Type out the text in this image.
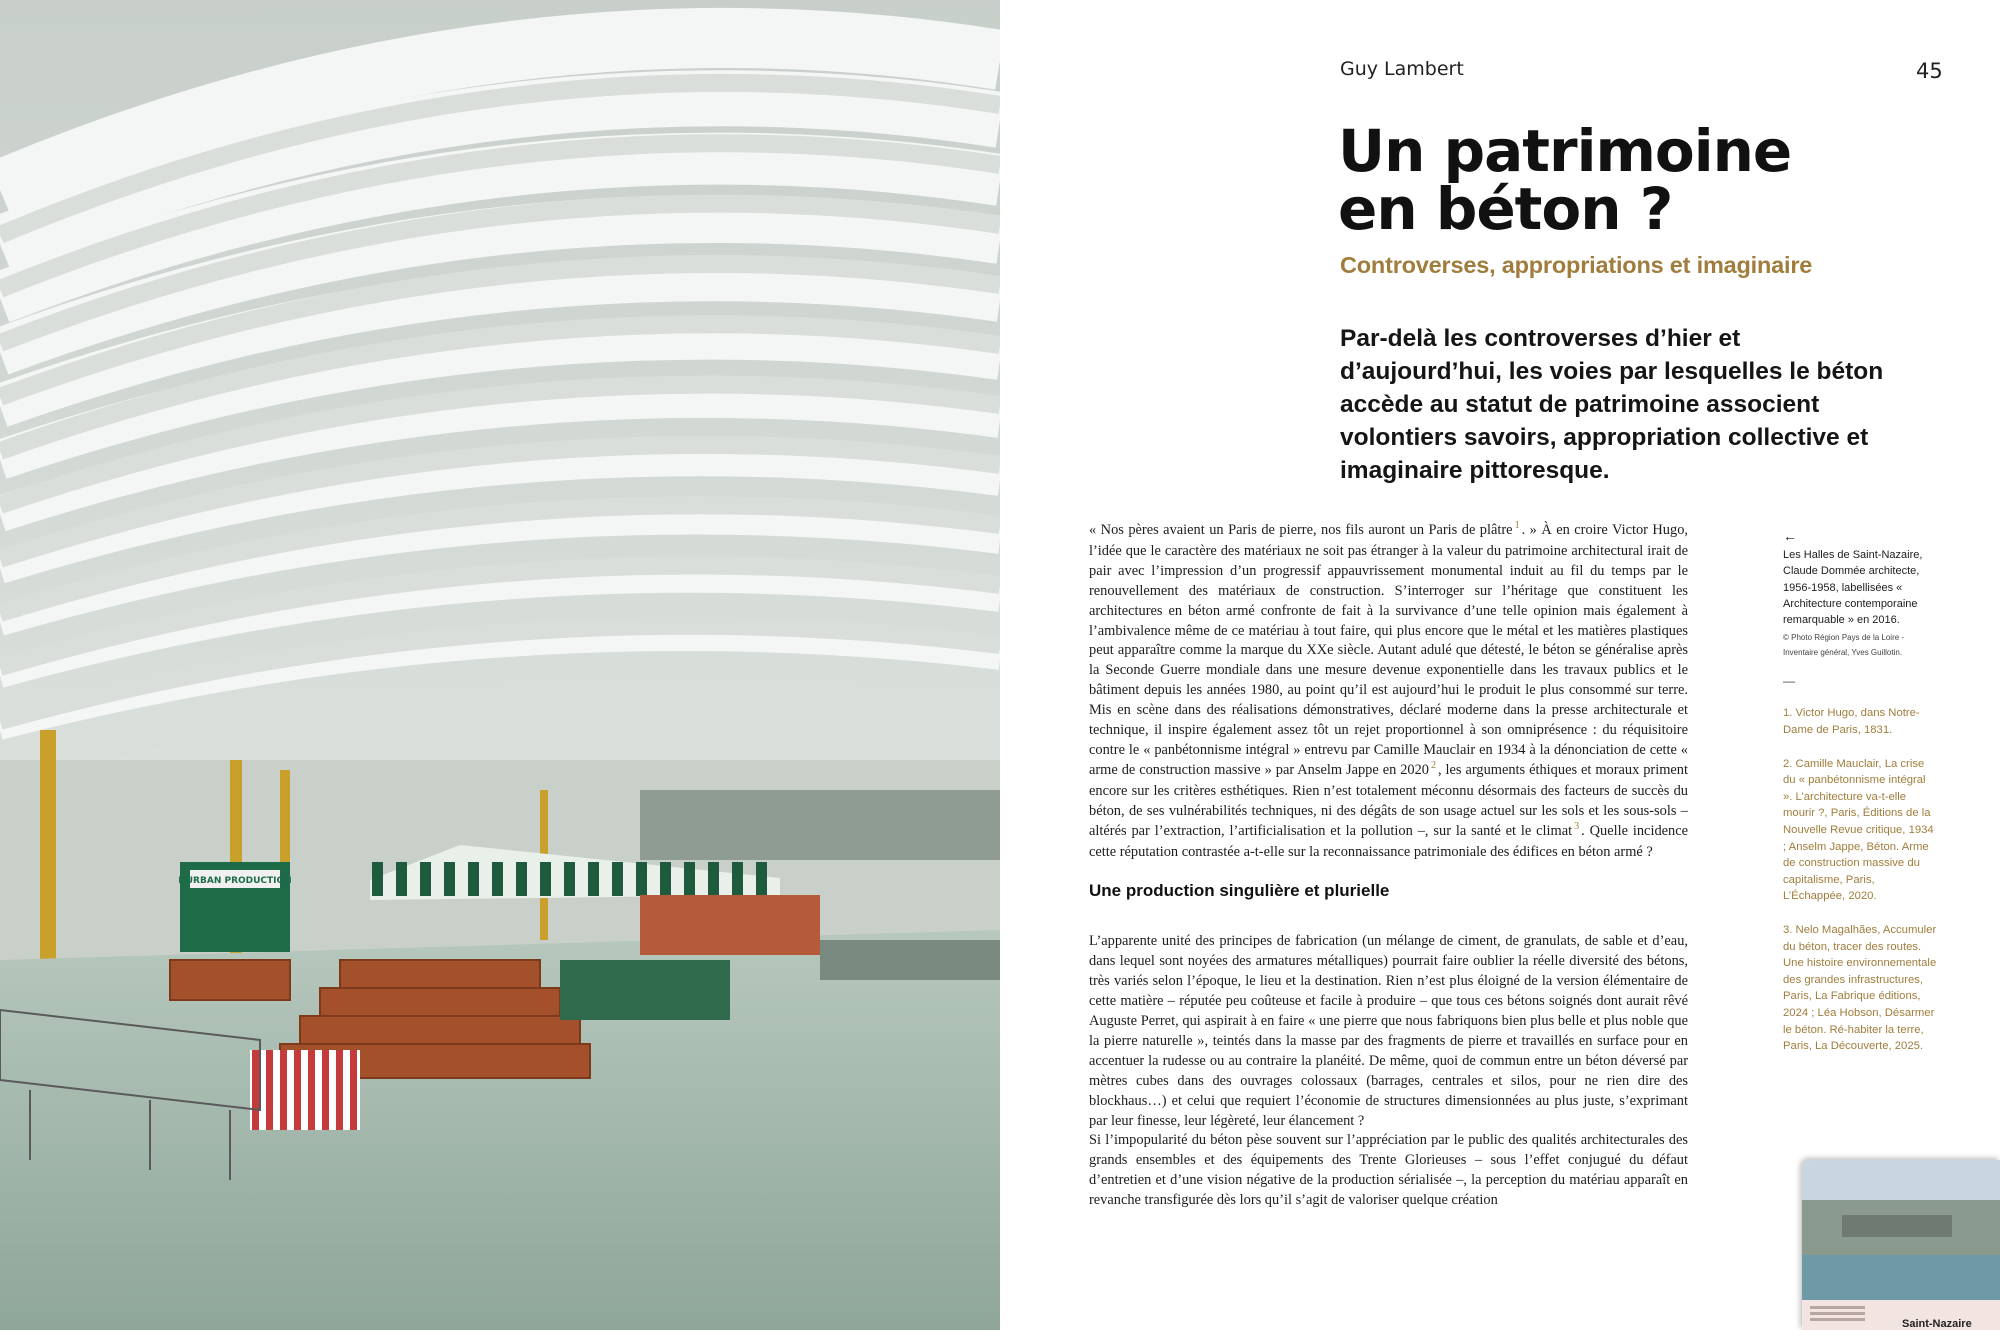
DURBAN PRODUCTION
Guy Lambert	45
Un patrimoine
en béton ?
Controverses, appropriations et imaginaire
Par-delà les controverses d’hier et d’aujourd’hui, les voies par lesquelles le béton accède au statut de patrimoine associent volontiers savoirs, appropriation collective et imaginaire pittoresque.

« Nos pères avaient un Paris de pierre, nos fils auront un Paris de plâtre $^1$ . » À en croire Victor Hugo, l’idée que le caractère des matériaux ne soit pas étranger à la valeur du patrimoine architectural irait de pair avec l’impression d’un progressif appauvrissement monumental induit au fil du temps par le renouvellement des matériaux de construction. S’interroger sur l’héritage que constituent les architectures en béton armé confronte de fait à la survivance d’une telle opinion mais également à l’ambivalence même de ce matériau à tout faire, qui plus encore que le métal et les matières plastiques peut apparaître comme la marque du XXe siècle. Autant adulé que détesté, le béton se généralise après la Seconde Guerre mondiale dans une mesure devenue exponentielle dans les travaux publics et le bâtiment depuis les années 1980, au point qu’il est aujourd’hui le produit le plus consommé sur terre. Mis en scène dans des réalisations démonstratives, déclaré moderne dans la presse architecturale et technique, il inspire également assez tôt un rejet proportionnel à son omniprésence : du réquisitoire contre le « panbétonnisme intégral » entrevu par Camille Mauclair en 1934 à la dénonciation de cette « arme de construction massive » par Anselm Jappe en 2020 $^2$ , les arguments éthiques et moraux priment encore sur les critères esthétiques. Rien n’est totalement méconnu désormais des facteurs de succès du béton, de ses vulnérabilités techniques, ni des dégâts de son usage actuel sur les sols et les sous-sols – altérés par l’extraction, l’artificialisation et la pollution –, sur la santé et le climat $^3$ . Quelle incidence cette réputation contrastée a-t-elle sur la reconnaissance patrimoniale des édifices en béton armé ?

Une production singulière et plurielle

L’apparente unité des principes de fabrication (un mélange de ciment, de granulats, de sable et d’eau, dans lequel sont noyées des armatures métalliques) pourrait faire oublier la réelle diversité des bétons, très variés selon l’époque, le lieu et la destination. Rien n’est plus éloigné de la version élémentaire de cette matière – réputée peu coûteuse et facile à produire – que tous ces bétons soignés dont aurait rêvé Auguste Perret, qui aspirait à en faire « une pierre que nous fabriquons bien plus belle et plus noble que la pierre naturelle », teintés dans la masse par des fragments de pierre et travaillés en surface pour en accentuer la rudesse ou au contraire la planéité. De même, quoi de commun entre un béton déversé par mètres cubes dans des ouvrages colossaux (barrages, centrales et silos, pour ne rien dire des blockhaus…) et celui que requiert l’économie de structures dimensionnées au plus juste, s’exprimant par leur finesse, leur légèreté, leur élancement ?

Si l’impopularité du béton pèse souvent sur l’appréciation par le public des qualités architecturales des grands ensembles et des équipements des Trente Glorieuses – sous l’effet conjugué du défaut d’entretien et d’une vision négative de la production sérialisée –, la perception du matériau apparaît en revanche transfigurée dès lors qu’il s’agit de valoriser quelque création

←
Les Halles de Saint-Nazaire, Claude Dommée architecte, 1956-1958, labellisées « Architecture contemporaine remarquable » en 2016.
© Photo Région Pays de la Loire - Inventaire général, Yves Guillotin.
—
1. Victor Hugo, dans Notre-Dame de Paris, 1831.
2. Camille Mauclair, La crise du « panbétonnisme intégral ». L’architecture va-t-elle mourir ?, Paris, Éditions de la Nouvelle Revue critique, 1934 ; Anselm Jappe, Béton. Arme de construction massive du capitalisme, Paris, L’Échappée, 2020.
3. Nelo Magalhães, Accumuler du béton, tracer des routes. Une histoire environnementale des grandes infrastructures, Paris, La Fabrique éditions, 2024 ; Léa Hobson, Désarmer le béton. Ré-habiter la terre, Paris, La Découverte, 2025.
Saint-Nazaire
